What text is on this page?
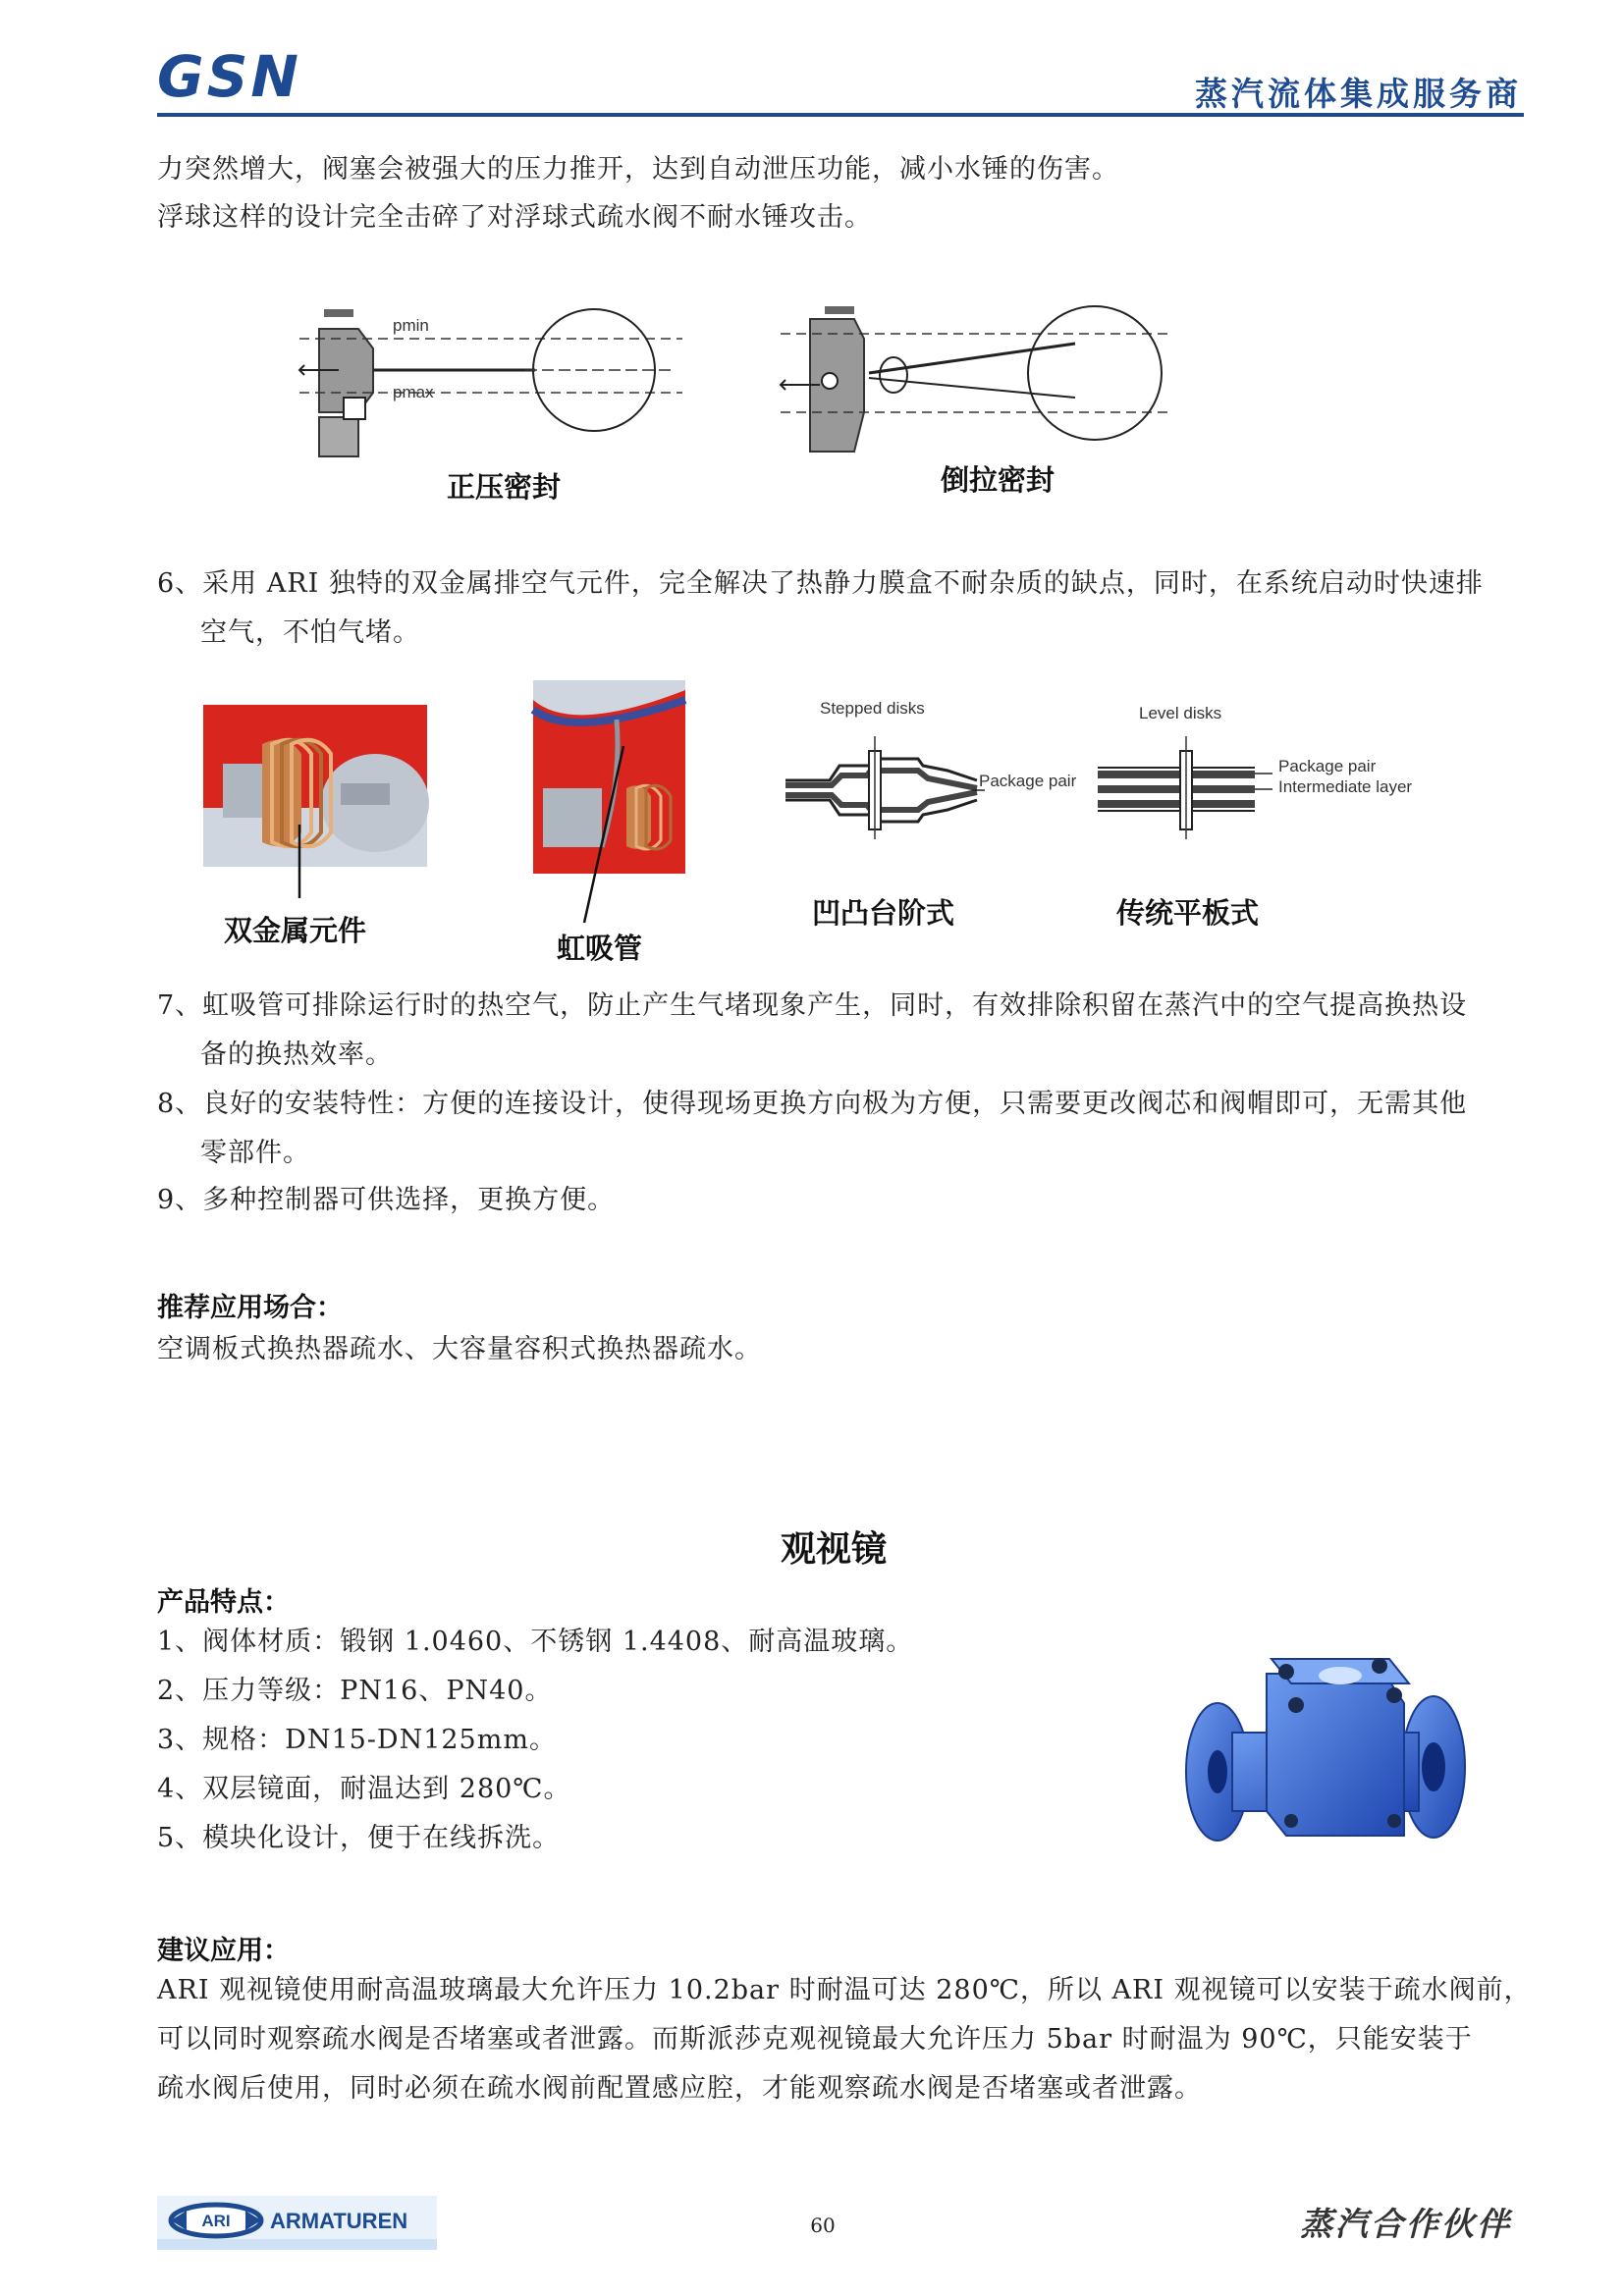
GSN	蒸汽流体集成服务商
力突然增大，阀塞会被强大的压力推开，达到自动泄压功能，减小水锤的伤害。
浮球这样的设计完全击碎了对浮球式疏水阀不耐水锤攻击。
pmin
pmax
正压密封	倒拉密封
6、采用 ARI 独特的双金属排空气元件，完全解决了热静力膜盒不耐杂质的缺点，同时，在系统启动时快速排
空气，不怕气堵。
双金属元件
虹吸管
Stepped disks
Package pair
凹凸台阶式
Level disks
Package pair
Intermediate layer
传统平板式
7、虹吸管可排除运行时的热空气，防止产生气堵现象产生，同时，有效排除积留在蒸汽中的空气提高换热设
备的换热效率。
8、良好的安装特性：方便的连接设计，使得现场更换方向极为方便，只需要更改阀芯和阀帽即可，无需其他
零部件。
9、多种控制器可供选择，更换方便。
推荐应用场合：
空调板式换热器疏水、大容量容积式换热器疏水。
观视镜
产品特点：
1、阀体材质：锻钢 1.0460、不锈钢 1.4408、耐高温玻璃。
2、压力等级：PN16、PN40。
3、规格：DN15-DN125mm。
4、双层镜面，耐温达到 280℃。
5、模块化设计，便于在线拆洗。
建议应用：
ARI 观视镜使用耐高温玻璃最大允许压力 10.2bar 时耐温可达 280℃，所以 ARI 观视镜可以安装于疏水阀前，
可以同时观察疏水阀是否堵塞或者泄露。而斯派莎克观视镜最大允许压力 5bar 时耐温为 90℃，只能安装于
疏水阀后使用，同时必须在疏水阀前配置感应腔，才能观察疏水阀是否堵塞或者泄露。
ARI ARMATUREN	60	蒸汽合作伙伴
